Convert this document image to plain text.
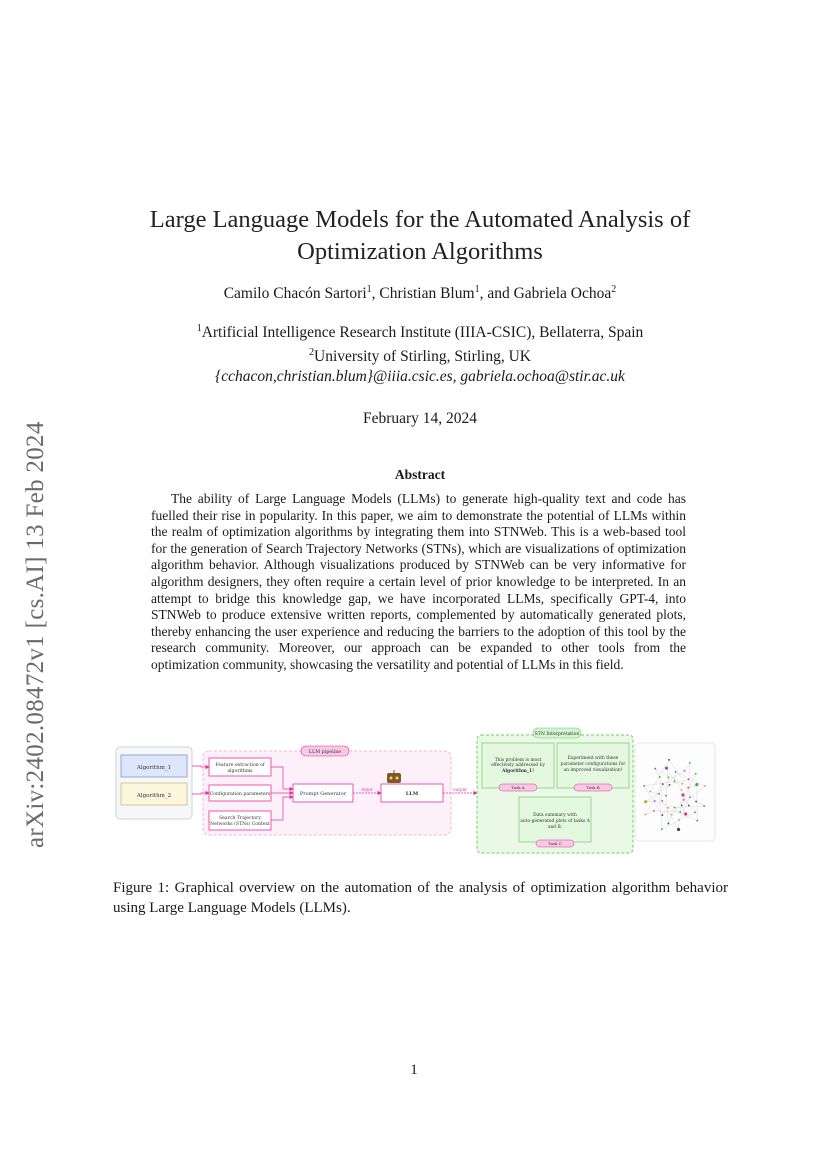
Large Language Models for the Automated Analysis of Optimization Algorithms
Camilo Chacón Sartori$^1$, Christian Blum$^1$, and Gabriela Ochoa$^2$
$^1$Artificial Intelligence Research Institute (IIIA-CSIC), Bellaterra, Spain
$^2$University of Stirling, Stirling, UK
{cchacon,christian.blum}@iiia.csic.es, gabriela.ochoa@stir.ac.uk
February 14, 2024
Abstract

The ability of Large Language Models (LLMs) to generate high-quality text and code has fuelled their rise in popularity. In this paper, we aim to demonstrate the potential of LLMs within the realm of optimization algorithms by integrating them into STNWeb. This is a web-based tool for the generation of Search Trajectory Networks (STNs), which are visualizations of optimization algorithm behavior. Although visualizations produced by STNWeb can be very informative for algorithm designers, they often require a certain level of prior knowledge to be interpreted. In an attempt to bridge this knowledge gap, we have incorporated LLMs, specifically GPT-4, into STNWeb to produce extensive written reports, complemented by automatically generated plots, thereby enhancing the user experience and reducing the barriers to the adoption of this tool by the research community. Moreover, our approach can be expanded to other tools from the optimization community, showcasing the versatility and potential of LLMs in this field.

arXiv:2402.08472v1 [cs.AI] 13 Feb 2024	Algorithm_1
Algorithm_2
LLM pipeline
Feature extraction of
algorithms
Configuration parameters
Search Trajectory
Networks (STNs) Context
Prompt Generator	LLM
input	output
STN Interpretation
This problem is most
effectively addressed by
Algorithm_1!
Task A
Experiment with these
parameter configurations for
an improved visualization!
Task B
Data summary with
auto-generated plots of tasks A
and B.
Task C
Figure 1: Graphical overview on the automation of the analysis of optimization algorithm behavior using Large Language Models (LLMs).
1
